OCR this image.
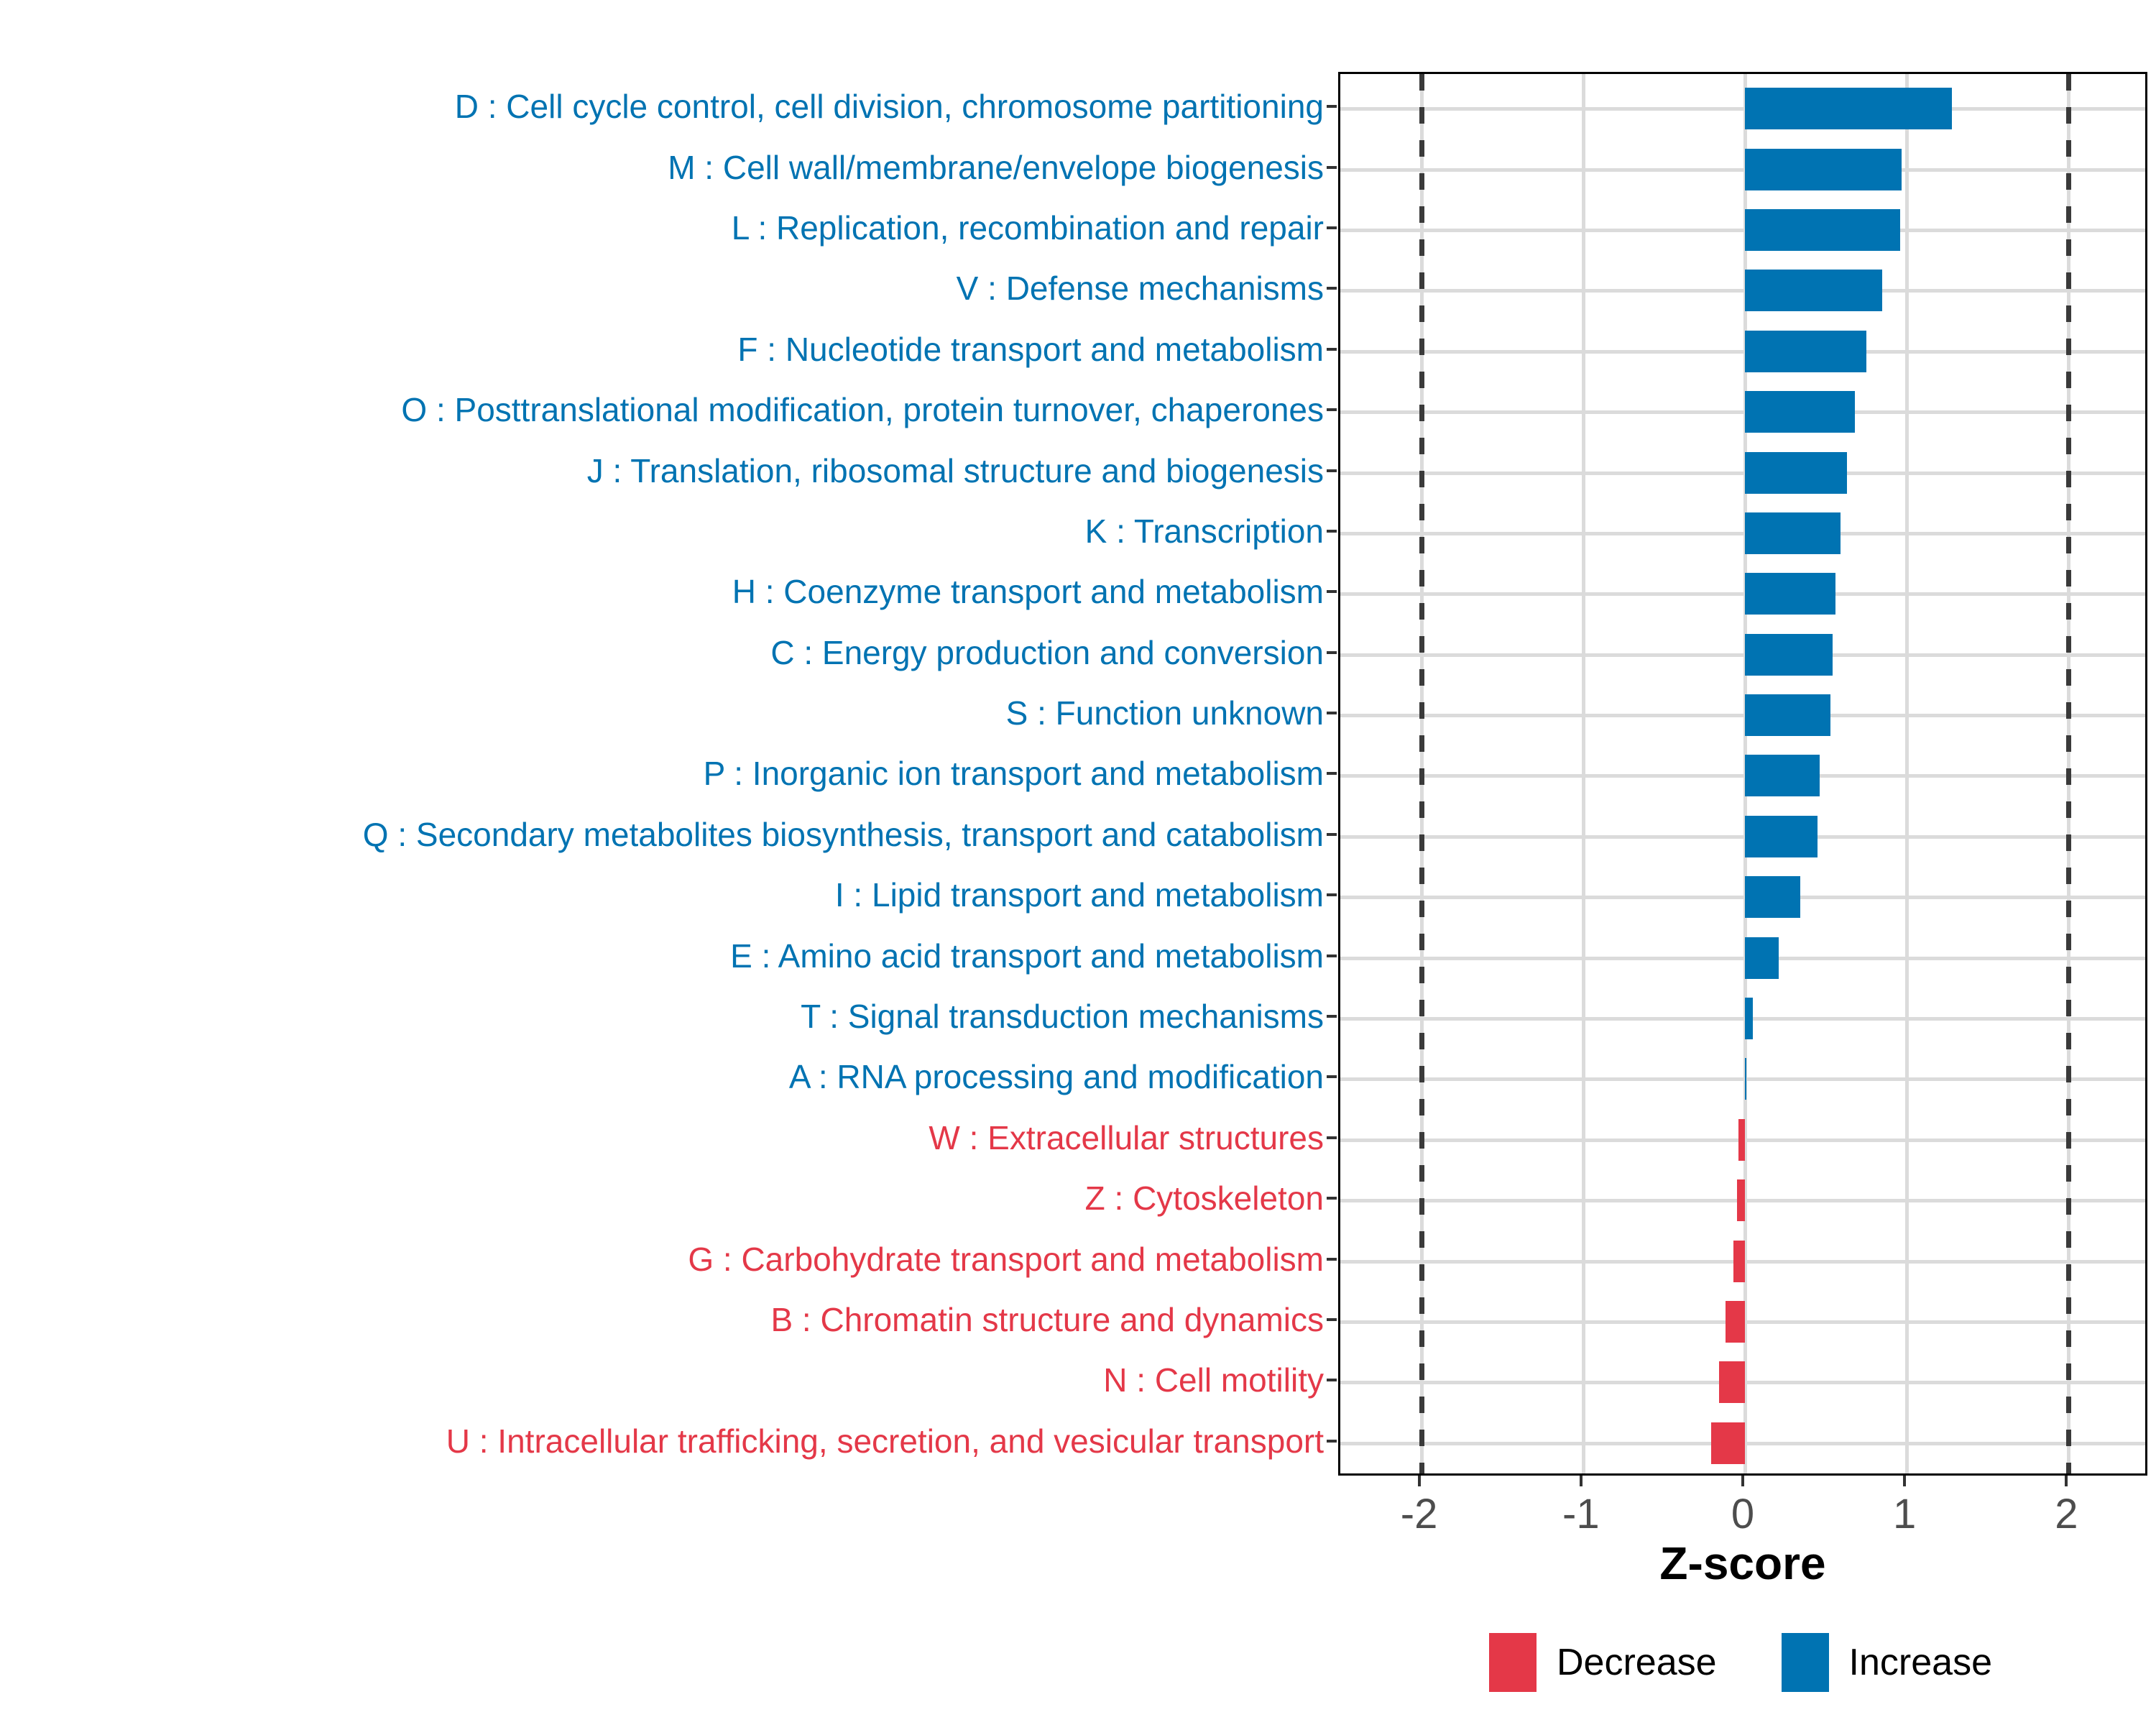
D : Cell cycle control, cell division, chromosome partitioning
M : Cell wall/membrane/envelope biogenesis
L : Replication, recombination and repair
V : Defense mechanisms
F : Nucleotide transport and metabolism
O : Posttranslational modification, protein turnover, chaperones
J : Translation, ribosomal structure and biogenesis
K : Transcription
H : Coenzyme transport and metabolism
C : Energy production and conversion
S : Function unknown
P : Inorganic ion transport and metabolism
Q : Secondary metabolites biosynthesis, transport and catabolism
I : Lipid transport and metabolism
E : Amino acid transport and metabolism
T : Signal transduction mechanisms
A : RNA processing and modification
W : Extracellular structures
Z : Cytoskeleton
G : Carbohydrate transport and metabolism
B : Chromatin structure and dynamics
N : Cell motility
U : Intracellular trafficking, secretion, and vesicular transport
-2	-1	0	1	2
Z-score
Decrease	Increase
